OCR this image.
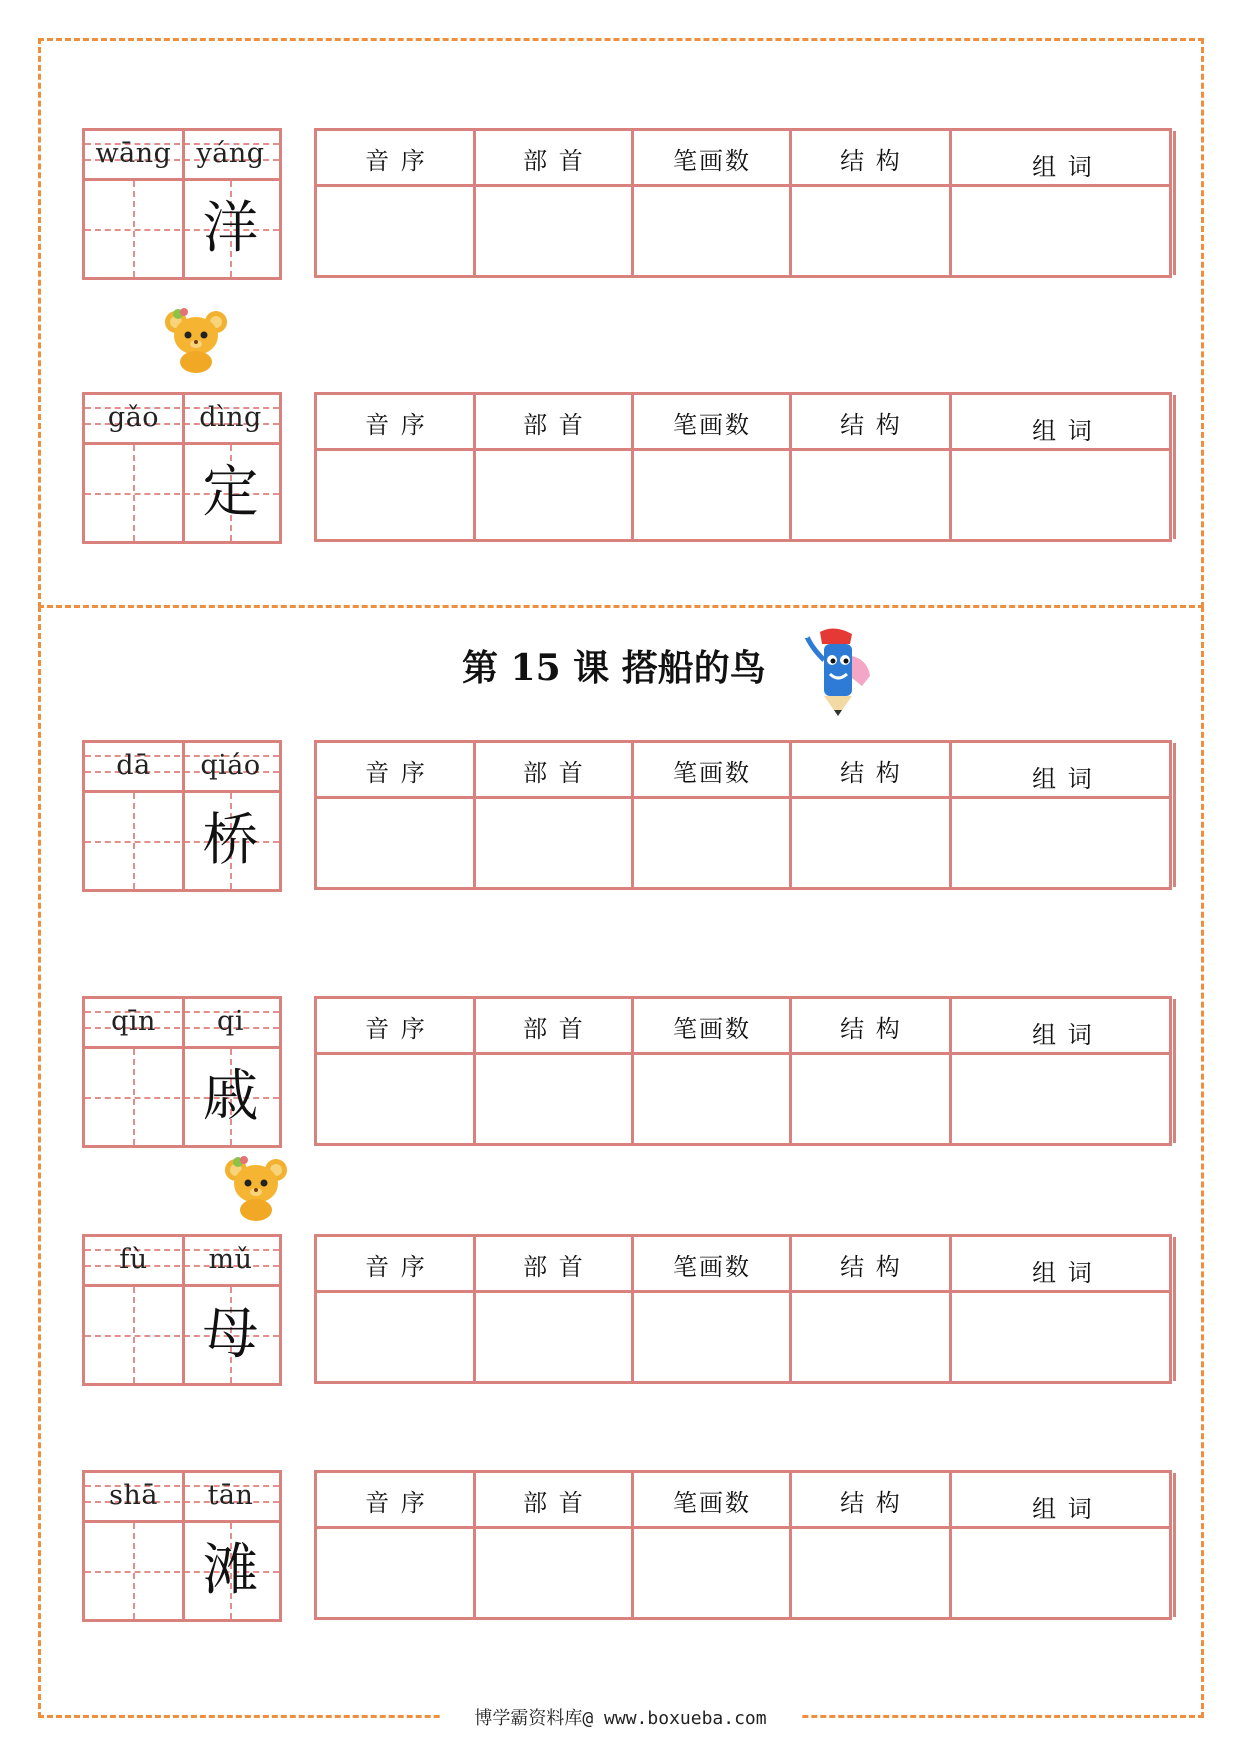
wāng yáng
洋
音 序	部 首	笔画数	结 构	组 词
gǎo	dìng
定
音 序	部 首	笔画数	结 构	组 词
dā	qiáo
桥
音 序	部 首	笔画数	结 构	组 词
qīn	qi
戚
音 序	部 首	笔画数	结 构	组 词
fù	mǔ
母
音 序	部 首	笔画数	结 构	组 词
shā	tān
滩
音 序	部 首	笔画数	结 构	组 词
第 15 课 搭船的鸟
博学霸资料库@ www.boxueba.com
